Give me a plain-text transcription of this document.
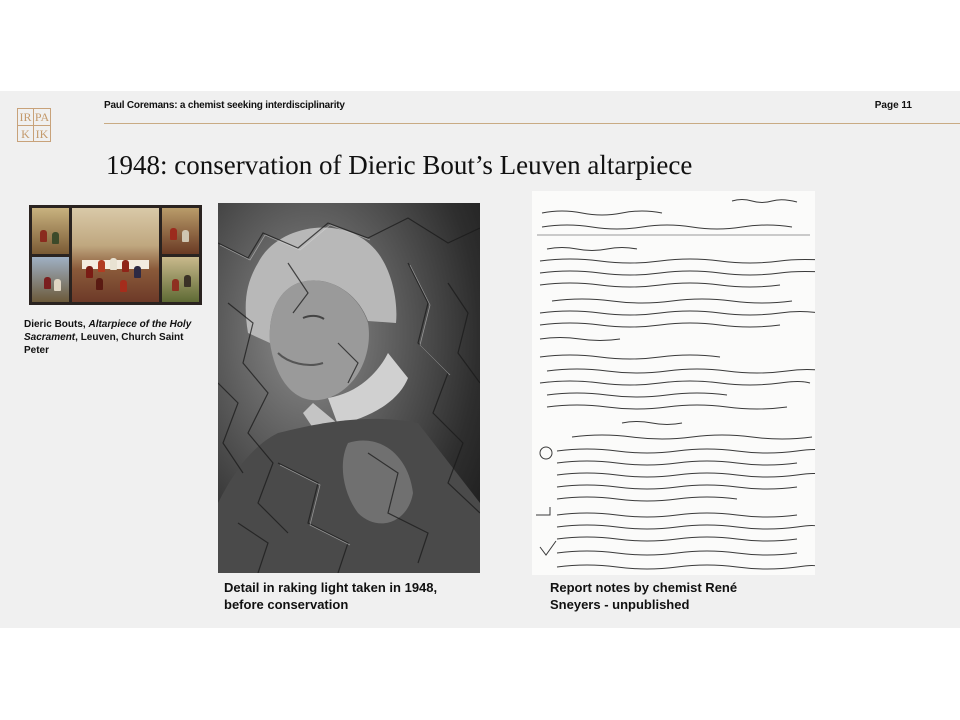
IR PA
K IK
Paul Coremans: a chemist seeking interdisciplinarity	Page 11
1948: conservation of Dieric Bout’s Leuven altarpiece
Dieric Bouts, Altarpiece of the Holy Sacrament, Leuven, Church Saint Peter
Detail in raking light taken in 1948,
before conservation
Report notes by chemist René
Sneyers - unpublished
